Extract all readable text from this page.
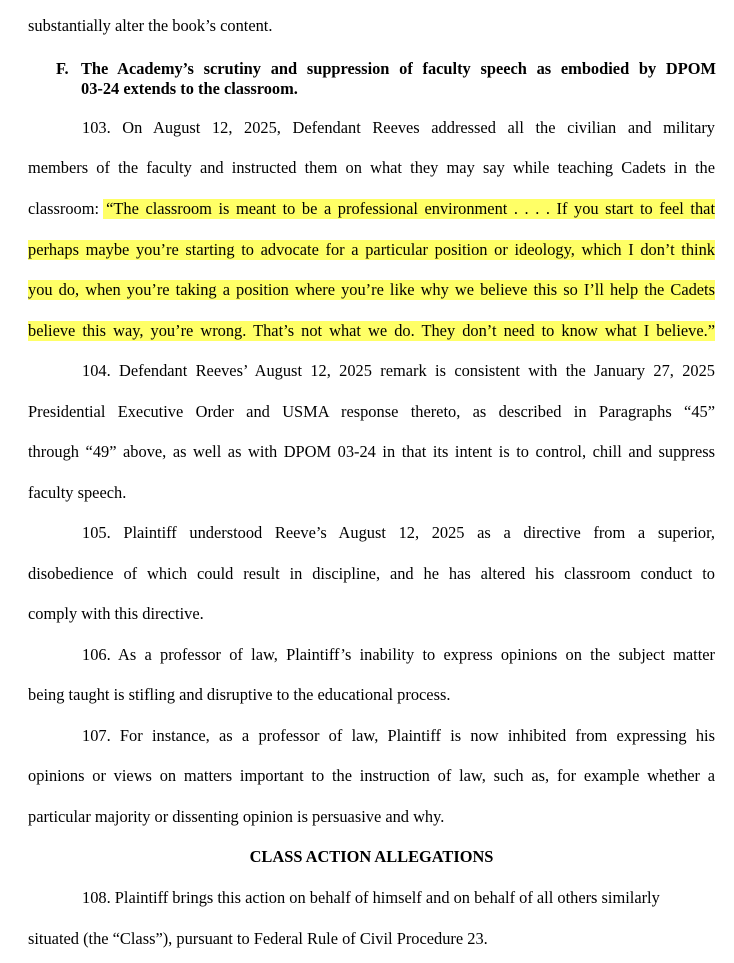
substantially alter the book’s content.
F. The Academy’s scrutiny and suppression of faculty speech as embodied by DPOM
03-24 extends to the classroom.
103. On August 12, 2025, Defendant Reeves addressed all the civilian and military
members of the faculty and instructed them on what they may say while teaching Cadets in the
classroom: “The classroom is meant to be a professional environment . . . . If you start to feel that
perhaps maybe you’re starting to advocate for a particular position or ideology, which I don’t think
you do, when you’re taking a position where you’re like why we believe this so I’ll help the Cadets
believe this way, you’re wrong. That’s not what we do. They don’t need to know what I believe.”
104. Defendant Reeves’ August 12, 2025 remark is consistent with the January 27, 2025
Presidential Executive Order and USMA response thereto, as described in Paragraphs “45”
through “49” above, as well as with DPOM 03-24 in that its intent is to control, chill and suppress
faculty speech.
105. Plaintiff understood Reeve’s August 12, 2025 as a directive from a superior,
disobedience of which could result in discipline, and he has altered his classroom conduct to
comply with this directive.
106. As a professor of law, Plaintiff’s inability to express opinions on the subject matter
being taught is stifling and disruptive to the educational process.
107. For instance, as a professor of law, Plaintiff is now inhibited from expressing his
opinions or views on matters important to the instruction of law, such as, for example whether a
particular majority or dissenting opinion is persuasive and why.
CLASS ACTION ALLEGATIONS
108. Plaintiff brings this action on behalf of himself and on behalf of all others similarly
situated (the “Class”), pursuant to Federal Rule of Civil Procedure 23.
